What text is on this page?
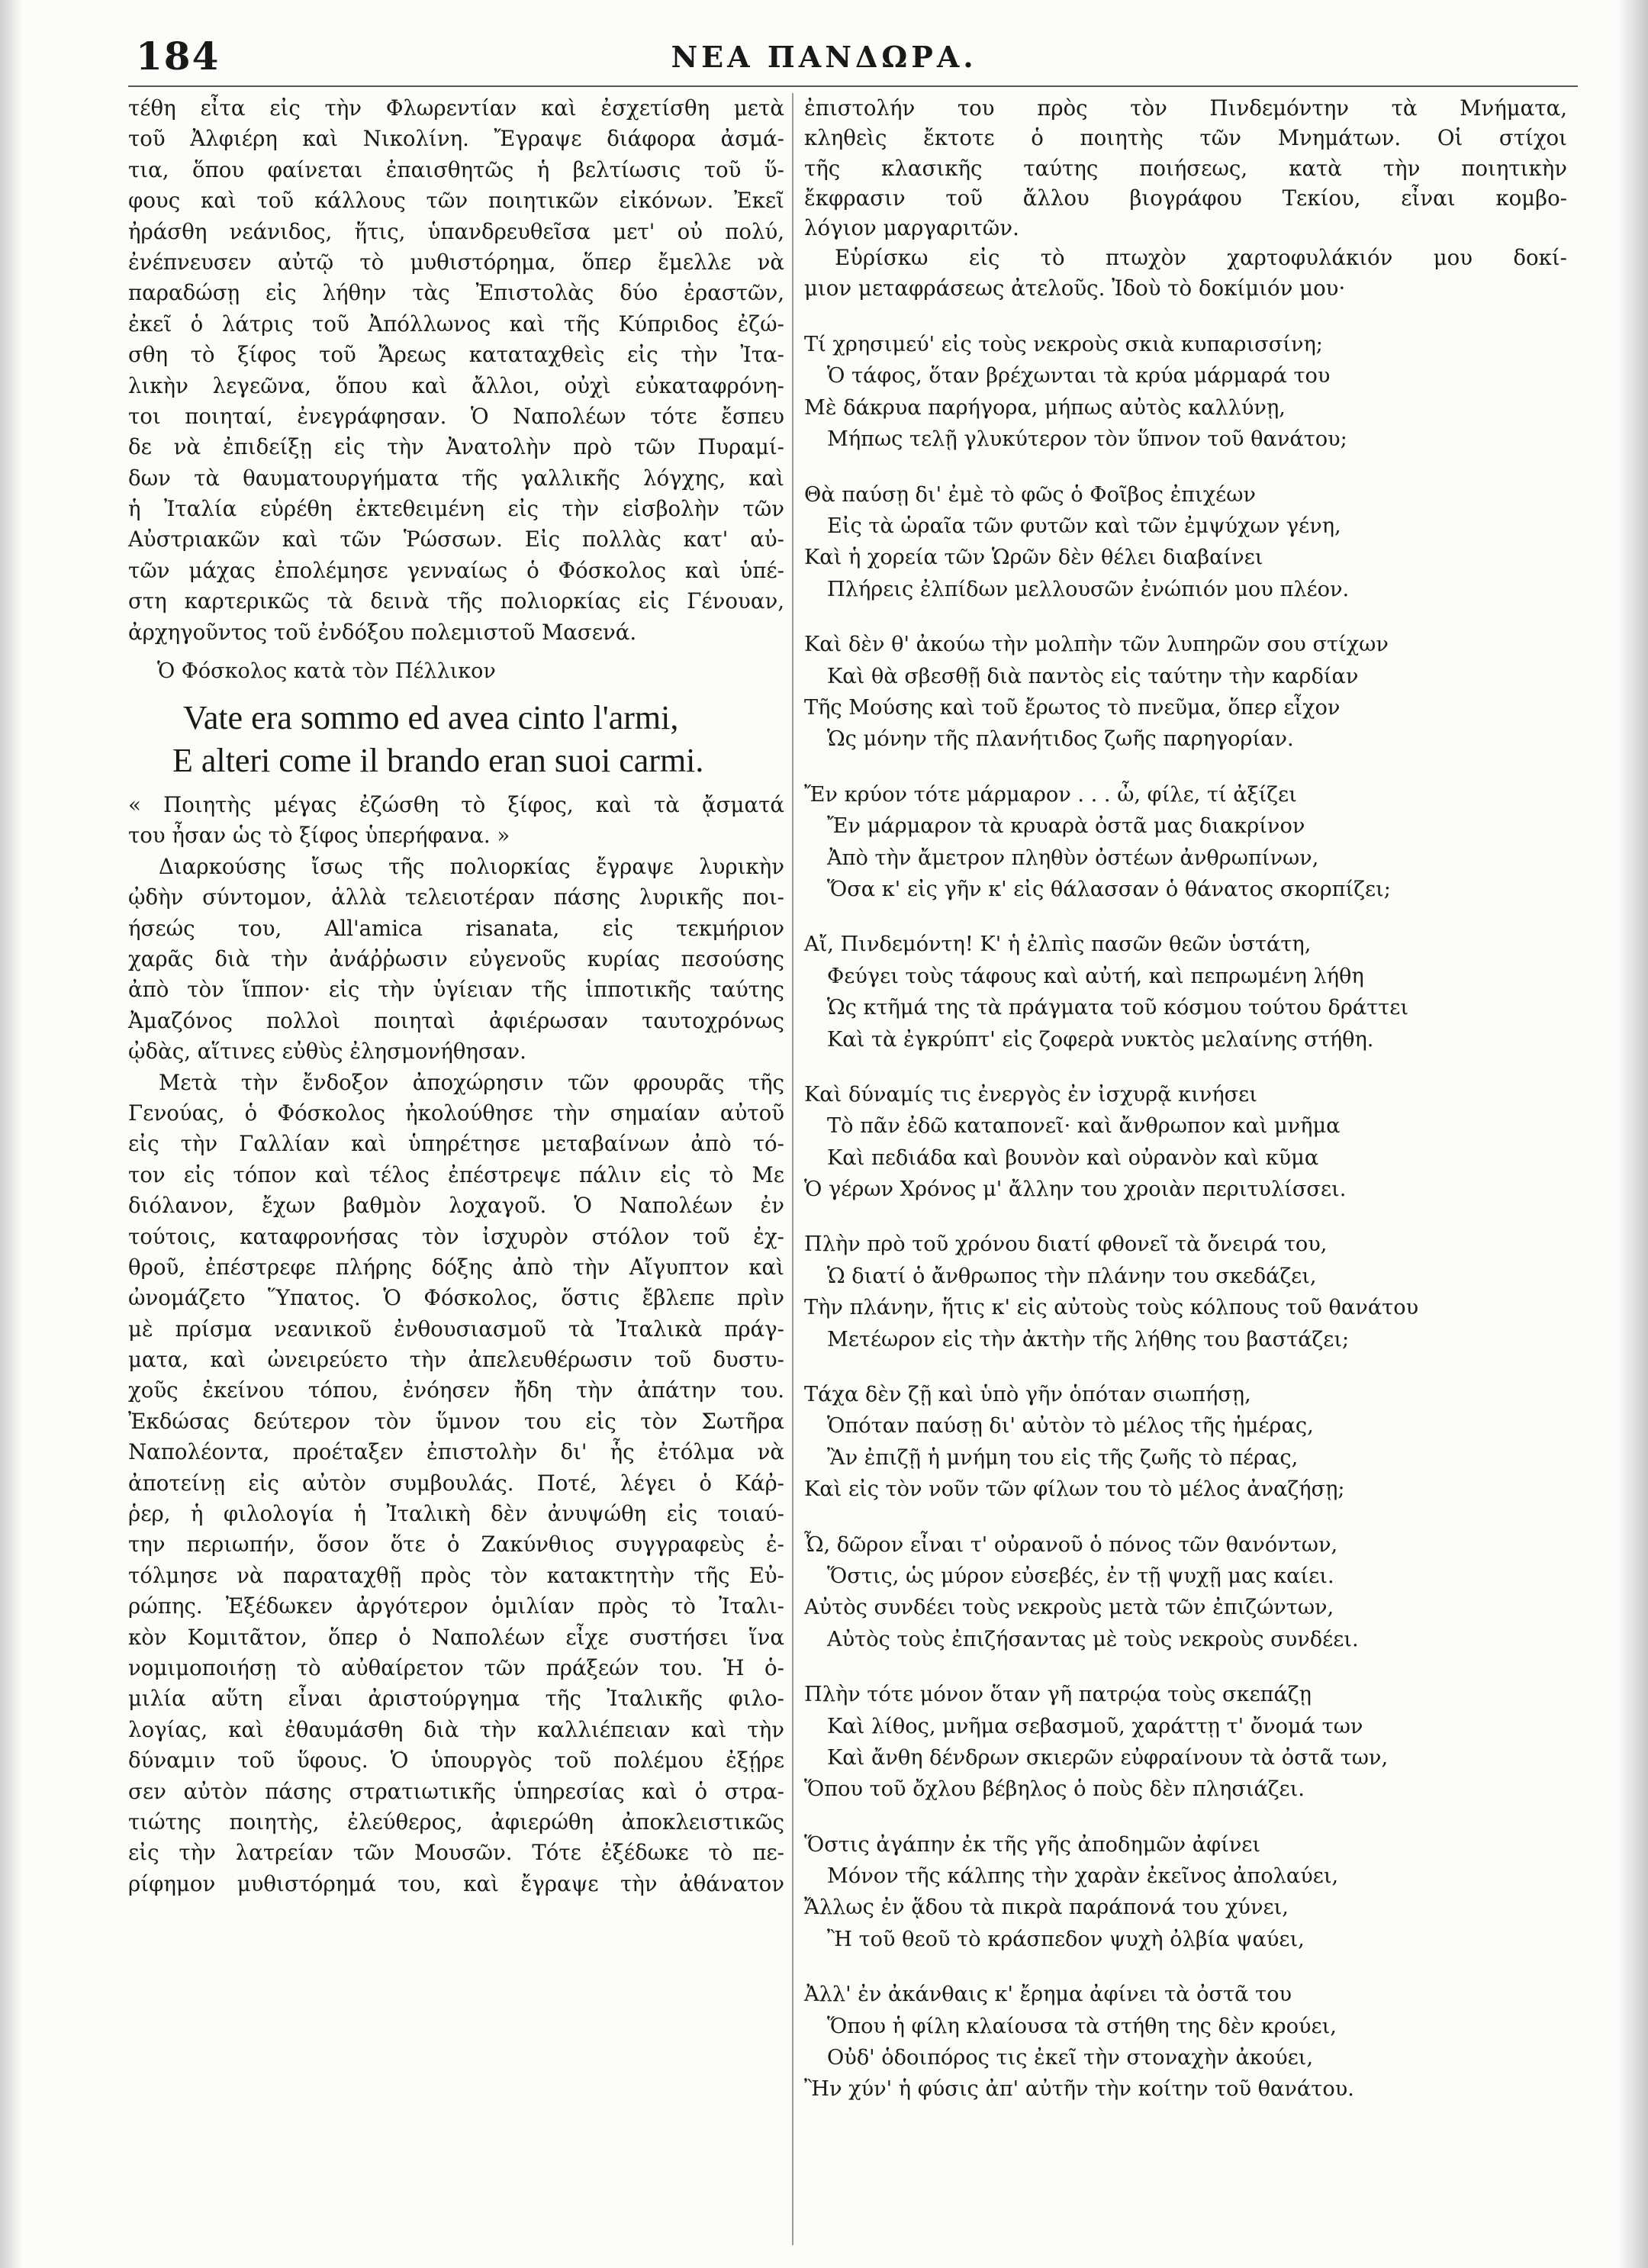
184	ΝΕΑ ΠΑΝΔΩΡΑ.
τέθη εἶτα εἰς τὴν Φλωρεντίαν καὶ ἐσχετίσθη μετὰ
τοῦ Ἀλφιέρη καὶ Νικολίνη. Ἔγραψε διάφορα ἀσμά-
τια, ὅπου φαίνεται ἐπαισθητῶς ἡ βελτίωσις τοῦ ὕ-
φους καὶ τοῦ κάλλους τῶν ποιητικῶν εἰκόνων. Ἐκεῖ
ἠράσθη νεάνιδος, ἥτις, ὑπανδρευθεῖσα μετ' οὐ πολύ,
ἐνέπνευσεν αὐτῷ τὸ μυθιστόρημα, ὅπερ ἔμελλε νὰ
παραδώσῃ εἰς λήθην τὰς Ἐπιστολὰς δύο ἐραστῶν,
ἐκεῖ ὁ λάτρις τοῦ Ἀπόλλωνος καὶ τῆς Κύπριδος ἐζώ-
σθη τὸ ξίφος τοῦ Ἄρεως καταταχθεὶς εἰς τὴν Ἰτα-
λικὴν λεγεῶνα, ὅπου καὶ ἄλλοι, οὐχὶ εὐκαταφρόνη-
τοι ποιηταί, ἐνεγράφησαν. Ὁ Ναπολέων τότε ἔσπευ
δε νὰ ἐπιδείξῃ εἰς τὴν Ἀνατολὴν πρὸ τῶν Πυραμί-
δων τὰ θαυματουργήματα τῆς γαλλικῆς λόγχης, καὶ
ἡ Ἰταλία εὑρέθη ἐκτεθειμένη εἰς τὴν εἰσβολὴν τῶν
Αὐστριακῶν καὶ τῶν Ῥώσσων. Εἰς πολλὰς κατ' αὐ-
τῶν μάχας ἐπολέμησε γενναίως ὁ Φόσκολος καὶ ὑπέ-
στη καρτερικῶς τὰ δεινὰ τῆς πολιορκίας εἰς Γένουαν,
ἀρχηγοῦντος τοῦ ἐνδόξου πολεμιστοῦ Μασενά.
Ὁ Φόσκολος κατὰ τὸν Πέλλικον
Vate era sommo ed avea cinto l'armi,
E alteri come il brando eran suoi carmi.
« Ποιητὴς μέγας ἐζώσθη τὸ ξίφος, καὶ τὰ ᾄσματά
του ἦσαν ὡς τὸ ξίφος ὑπερήφανα. »
Διαρκούσης ἴσως τῆς πολιορκίας ἔγραψε λυρικὴν
ᾠδὴν σύντομον, ἀλλὰ τελειοτέραν πάσης λυρικῆς ποι-
ήσεώς του, All'amica risanata, εἰς τεκμήριον
χαρᾶς διὰ τὴν ἀνάῤῥωσιν εὐγενοῦς κυρίας πεσούσης
ἀπὸ τὸν ἵππον· εἰς τὴν ὑγίειαν τῆς ἱπποτικῆς ταύτης
Ἀμαζόνος πολλοὶ ποιηταὶ ἀφιέρωσαν ταυτοχρόνως
ᾠδὰς, αἵτινες εὐθὺς ἐλησμονήθησαν.
Μετὰ τὴν ἔνδοξον ἀποχώρησιν τῶν φρουρᾶς τῆς
Γενούας, ὁ Φόσκολος ἠκολούθησε τὴν σημαίαν αὐτοῦ
εἰς τὴν Γαλλίαν καὶ ὑπηρέτησε μεταβαίνων ἀπὸ τό-
τον εἰς τόπον καὶ τέλος ἐπέστρεψε πάλιν εἰς τὸ Με
διόλανον, ἔχων βαθμὸν λοχαγοῦ. Ὁ Ναπολέων ἐν
τούτοις, καταφρονήσας τὸν ἰσχυρὸν στόλον τοῦ ἐχ-
θροῦ, ἐπέστρεφε πλήρης δόξης ἀπὸ τὴν Αἴγυπτον καὶ
ὠνομάζετο Ὕπατος. Ὁ Φόσκολος, ὅστις ἔβλεπε πρὶν
μὲ πρίσμα νεανικοῦ ἐνθουσιασμοῦ τὰ Ἰταλικὰ πράγ-
ματα, καὶ ὠνειρεύετο τὴν ἀπελευθέρωσιν τοῦ δυστυ-
χοῦς ἐκείνου τόπου, ἐνόησεν ἤδη τὴν ἀπάτην του.
Ἐκδώσας δεύτερον τὸν ὕμνον του εἰς τὸν Σωτῆρα
Ναπολέοντα, προέταξεν ἐπιστολὴν δι' ἧς ἐτόλμα νὰ
ἀποτείνῃ εἰς αὐτὸν συμβουλάς. Ποτέ, λέγει ὁ Κάῤ-
ῥερ, ἡ φιλολογία ἡ Ἰταλικὴ δὲν ἀνυψώθη εἰς τοιαύ-
την περιωπήν, ὅσον ὅτε ὁ Ζακύνθιος συγγραφεὺς ἐ-
τόλμησε νὰ παραταχθῇ πρὸς τὸν κατακτητὴν τῆς Εὐ-
ρώπης. Ἐξέδωκεν ἀργότερον ὁμιλίαν πρὸς τὸ Ἰταλι-
κὸν Κομιτᾶτον, ὅπερ ὁ Ναπολέων εἶχε συστήσει ἵνα
νομιμοποιήσῃ τὸ αὐθαίρετον τῶν πράξεών του. Ἡ ὁ-
μιλία αὕτη εἶναι ἀριστούργημα τῆς Ἰταλικῆς φιλο-
λογίας, καὶ ἐθαυμάσθη διὰ τὴν καλλιέπειαν καὶ τὴν
δύναμιν τοῦ ὕφους. Ὁ ὑπουργὸς τοῦ πολέμου ἐξῄρε
σεν αὐτὸν πάσης στρατιωτικῆς ὑπηρεσίας καὶ ὁ στρα-
τιώτης ποιητὴς, ἐλεύθερος, ἀφιερώθη ἀποκλειστικῶς
εἰς τὴν λατρείαν τῶν Μουσῶν. Τότε ἐξέδωκε τὸ πε-
ρίφημον μυθιστόρημά του, καὶ ἔγραψε τὴν ἀθάνατον
ἐπιστολήν του πρὸς τὸν Πινδεμόντην τὰ Μνήματα,
κληθεὶς ἔκτοτε ὁ ποιητὴς τῶν Μνημάτων. Οἱ στίχοι
τῆς κλασικῆς ταύτης ποιήσεως, κατὰ τὴν ποιητικὴν
ἔκφρασιν τοῦ ἄλλου βιογράφου Τεκίου, εἶναι κομβο-
λόγιον μαργαριτῶν.
Εὑρίσκω εἰς τὸ πτωχὸν χαρτοφυλάκιόν μου δοκί-
μιον μεταφράσεως ἀτελοῦς. Ἰδοὺ τὸ δοκίμιόν μου·
Τί χρησιμεύ' εἰς τοὺς νεκροὺς σκιὰ κυπαρισσίνη;
Ὁ τάφος, ὅταν βρέχωνται τὰ κρύα μάρμαρά του
Μὲ δάκρυα παρήγορα, μήπως αὐτὸς καλλύνῃ,
Μήπως τελῇ γλυκύτερον τὸν ὕπνον τοῦ θανάτου;
Θὰ παύσῃ δι' ἐμὲ τὸ φῶς ὁ Φοῖβος ἐπιχέων
Εἰς τὰ ὡραῖα τῶν φυτῶν καὶ τῶν ἐμψύχων γένη,
Καὶ ἡ χορεία τῶν Ὡρῶν δὲν θέλει διαβαίνει
Πλήρεις ἐλπίδων μελλουσῶν ἐνώπιόν μου πλέον.
Καὶ δὲν θ' ἀκούω τὴν μολπὴν τῶν λυπηρῶν σου στίχων
Καὶ θὰ σβεσθῇ διὰ παντὸς εἰς ταύτην τὴν καρδίαν
Τῆς Μούσης καὶ τοῦ ἔρωτος τὸ πνεῦμα, ὅπερ εἶχον
Ὡς μόνην τῆς πλανήτιδος ζωῆς παρηγορίαν.
Ἔν κρύον τότε μάρμαρον . . . ὦ, φίλε, τί ἀξίζει
Ἔν μάρμαρον τὰ κρυαρὰ ὀστᾶ μας διακρίνον
Ἀπὸ τὴν ἄμετρον πληθὺν ὀστέων ἀνθρωπίνων,
Ὅσα κ' εἰς γῆν κ' εἰς θάλασσαν ὁ θάνατος σκορπίζει;
Αἴ, Πινδεμόντη! Κ' ἡ ἐλπὶς πασῶν θεῶν ὑστάτη,
Φεύγει τοὺς τάφους καὶ αὐτή, καὶ πεπρωμένη λήθη
Ὡς κτῆμά της τὰ πράγματα τοῦ κόσμου τούτου δράττει
Καὶ τὰ ἐγκρύπτ' εἰς ζοφερὰ νυκτὸς μελαίνης στήθη.
Καὶ δύναμίς τις ἐνεργὸς ἐν ἰσχυρᾷ κινήσει
Τὸ πᾶν ἐδῶ καταπονεῖ· καὶ ἄνθρωπον καὶ μνῆμα
Καὶ πεδιάδα καὶ βουνὸν καὶ οὐρανὸν καὶ κῦμα
Ὁ γέρων Χρόνος μ' ἄλλην του χροιὰν περιτυλίσσει.
Πλὴν πρὸ τοῦ χρόνου διατί φθονεῖ τὰ ὄνειρά του,
Ὡ διατί ὁ ἄνθρωπος τὴν πλάνην του σκεδάζει,
Τὴν πλάνην, ἥτις κ' εἰς αὐτοὺς τοὺς κόλπους τοῦ θανάτου
Μετέωρον εἰς τὴν ἀκτὴν τῆς λήθης του βαστάζει;
Τάχα δὲν ζῇ καὶ ὑπὸ γῆν ὁπόταν σιωπήσῃ,
Ὁπόταν παύσῃ δι' αὐτὸν τὸ μέλος τῆς ἡμέρας,
Ἂν ἐπιζῇ ἡ μνήμη του εἰς τῆς ζωῆς τὸ πέρας,
Καὶ εἰς τὸν νοῦν τῶν φίλων του τὸ μέλος ἀναζήσῃ;
Ὦ, δῶρον εἶναι τ' οὐρανοῦ ὁ πόνος τῶν θανόντων,
Ὅστις, ὡς μύρον εὐσεβές, ἐν τῇ ψυχῇ μας καίει.
Αὐτὸς συνδέει τοὺς νεκροὺς μετὰ τῶν ἐπιζώντων,
Αὐτὸς τοὺς ἐπιζήσαντας μὲ τοὺς νεκροὺς συνδέει.
Πλὴν τότε μόνον ὅταν γῆ πατρῴα τοὺς σκεπάζῃ
Καὶ λίθος, μνῆμα σεβασμοῦ, χαράττῃ τ' ὄνομά των
Καὶ ἄνθη δένδρων σκιερῶν εὐφραίνουν τὰ ὀστᾶ των,
Ὅπου τοῦ ὄχλου βέβηλος ὁ ποὺς δὲν πλησιάζει.
Ὅστις ἀγάπην ἐκ τῆς γῆς ἀποδημῶν ἀφίνει
Μόνον τῆς κάλπης τὴν χαρὰν ἐκεῖνος ἀπολαύει,
Ἄλλως ἐν ᾅδου τὰ πικρὰ παράπονά του χύνει,
Ἢ τοῦ θεοῦ τὸ κράσπεδον ψυχὴ ὀλβία ψαύει,
Ἀλλ' ἐν ἀκάνθαις κ' ἔρημα ἀφίνει τὰ ὀστᾶ του
Ὅπου ἡ φίλη κλαίουσα τὰ στήθη της δὲν κρούει,
Οὐδ' ὁδοιπόρος τις ἐκεῖ τὴν στοναχὴν ἀκούει,
Ἢν χύν' ἡ φύσις ἀπ' αὐτῆν τὴν κοίτην τοῦ θανάτου.
